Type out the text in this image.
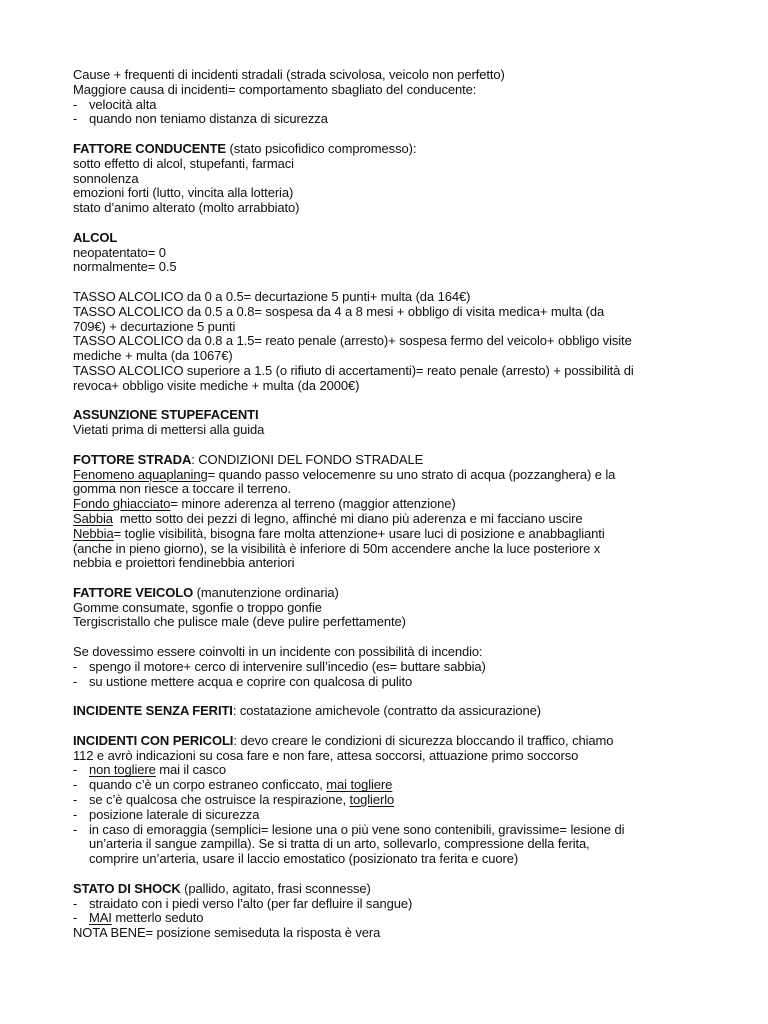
Cause + frequenti di incidenti stradali (strada scivolosa, veicolo non perfetto)
Maggiore causa di incidenti= comportamento sbagliato del conducente:
- velocità alta
- quando non teniamo distanza di sicurezza
FATTORE CONDUCENTE (stato psicofidico compromesso):
sotto effetto di alcol, stupefanti, farmaci
sonnolenza
emozioni forti (lutto, vincita alla lotteria)
stato d’animo alterato (molto arrabbiato)
ALCOL
neopatentato= 0
normalmente= 0.5
TASSO ALCOLICO da 0 a 0.5= decurtazione 5 punti+ multa (da 164€)
TASSO ALCOLICO da 0.5 a 0.8= sospesa da 4 a 8 mesi + obbligo di visita medica+ multa (da
709€) + decurtazione 5 punti
TASSO ALCOLICO da 0.8 a 1.5= reato penale (arresto)+ sospesa fermo del veicolo+ obbligo visite
mediche + multa (da 1067€)
TASSO ALCOLICO superiore a 1.5 (o rifiuto di accertamenti)= reato penale (arresto) + possibilità di
revoca+ obbligo visite mediche + multa (da 2000€)
ASSUNZIONE STUPEFACENTI
Vietati prima di mettersi alla guida
FOTTORE STRADA: CONDIZIONI DEL FONDO STRADALE
Fenomeno aquaplaning= quando passo velocemenre su uno strato di acqua (pozzanghera) e la
gomma non riesce a toccare il terreno.
Fondo ghiacciato= minore aderenza al terreno (maggior attenzione)
Sabbia  metto sotto dei pezzi di legno, affinché mi diano più aderenza e mi facciano uscire
Nebbia= toglie visibilità, bisogna fare molta attenzione+ usare luci di posizione e anabbaglianti
(anche in pieno giorno), se la visibilità è inferiore di 50m accendere anche la luce posteriore x
nebbia e proiettori fendinebbia anteriori
FATTORE VEICOLO (manutenzione ordinaria)
Gomme consumate, sgonfie o troppo gonfie
Tergiscristallo che pulisce male (deve pulire perfettamente)
Se dovessimo essere coinvolti in un incidente con possibilità di incendio:
- spengo il motore+ cerco di intervenire sull’incedio (es= buttare sabbia)
- su ustione mettere acqua e coprire con qualcosa di pulito
INCIDENTE SENZA FERITI: costatazione amichevole (contratto da assicurazione)
INCIDENTI CON PERICOLI: devo creare le condizioni di sicurezza bloccando il traffico, chiamo
112 e avrò indicazioni su cosa fare e non fare, attesa soccorsi, attuazione primo soccorso
- non togliere mai il casco
- quando c’è un corpo estraneo conficcato, mai togliere
- se c’è qualcosa che ostruisce la respirazione, toglierlo
- posizione laterale di sicurezza
- in caso di emoraggia (semplici= lesione una o più vene sono contenibili, gravissime= lesione di
un’arteria il sangue zampilla). Se si tratta di un arto, sollevarlo, compressione della ferita,
comprire un’arteria, usare il laccio emostatico (posizionato tra ferita e cuore)
STATO DI SHOCK (pallido, agitato, frasi sconnesse)
- straidato con i piedi verso l’alto (per far defluire il sangue)
- MAI metterlo seduto
NOTA BENE= posizione semiseduta la risposta è vera
